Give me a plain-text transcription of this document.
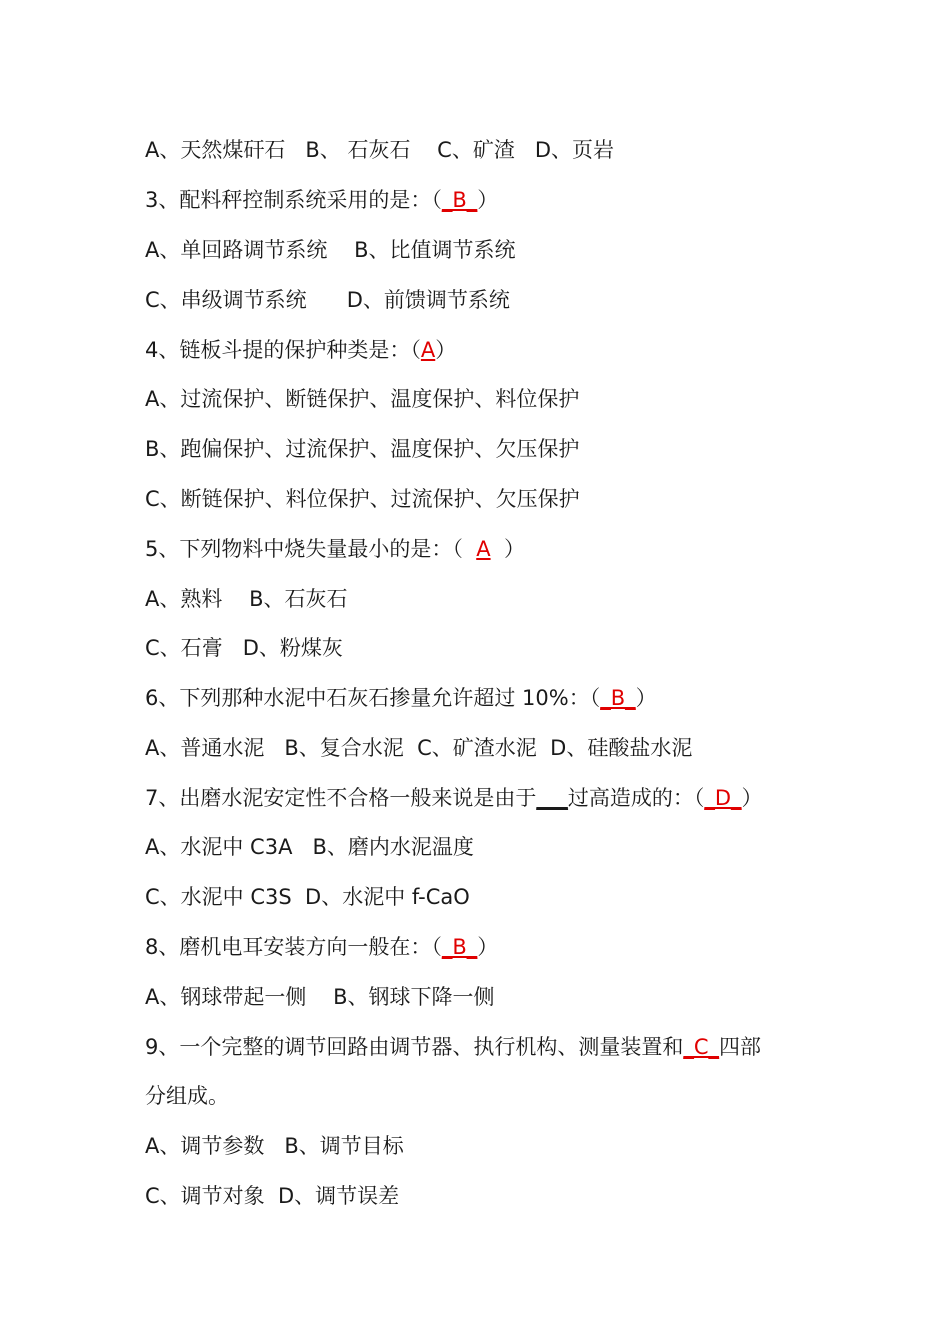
A、天然煤矸石   B、 石灰石    C、矿渣   D、页岩
3、配料秤控制系统采用的是：（_B_）
A、单回路调节系统    B、比值调节系统
C、串级调节系统      D、前馈调节系统
4、链板斗提的保护种类是：（A）
A、过流保护、断链保护、温度保护、料位保护
B、跑偏保护、过流保护、温度保护、欠压保护
C、断链保护、料位保护、过流保护、欠压保护
5、下列物料中烧失量最小的是：（  A  ）
A、熟料    B、石灰石
C、石膏   D、粉煤灰
6、下列那种水泥中石灰石掺量允许超过 10%：（_B_）
A、普通水泥   B、复合水泥  C、矿渣水泥  D、硅酸盐水泥
7、出磨水泥安定性不合格一般来说是由于___过高造成的：（_D_）
A、水泥中 C3A   B、磨内水泥温度
C、水泥中 C3S  D、水泥中 f-CaO
8、磨机电耳安装方向一般在：（_B_）
A、钢球带起一侧    B、钢球下降一侧
9、一个完整的调节回路由调节器、执行机构、测量装置和_C_四部
分组成。
A、调节参数   B、调节目标
C、调节对象  D、调节误差
